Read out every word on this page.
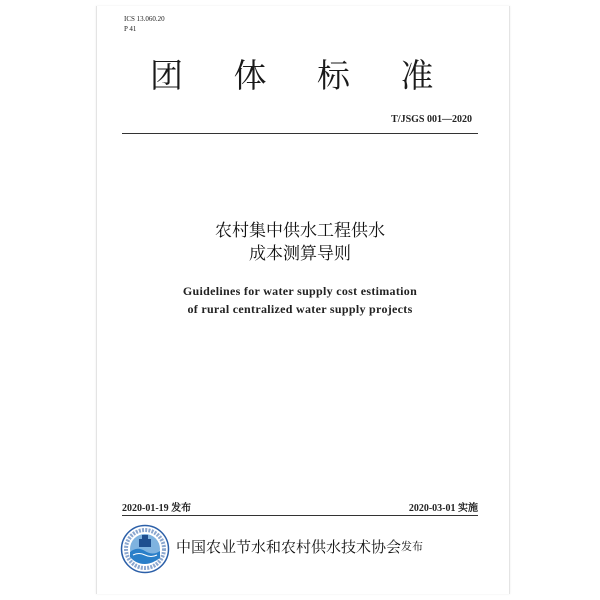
ICS 13.060.20
P 41
团 体 标 准
T/JSGS 001—2020
农村集中供水工程供水
成本测算导则
Guidelines for water supply cost estimation
of rural centralized water supply projects
2020-01-19 发布	2020-03-01 实施
中国农业节水和农村供水技术协会 发布
